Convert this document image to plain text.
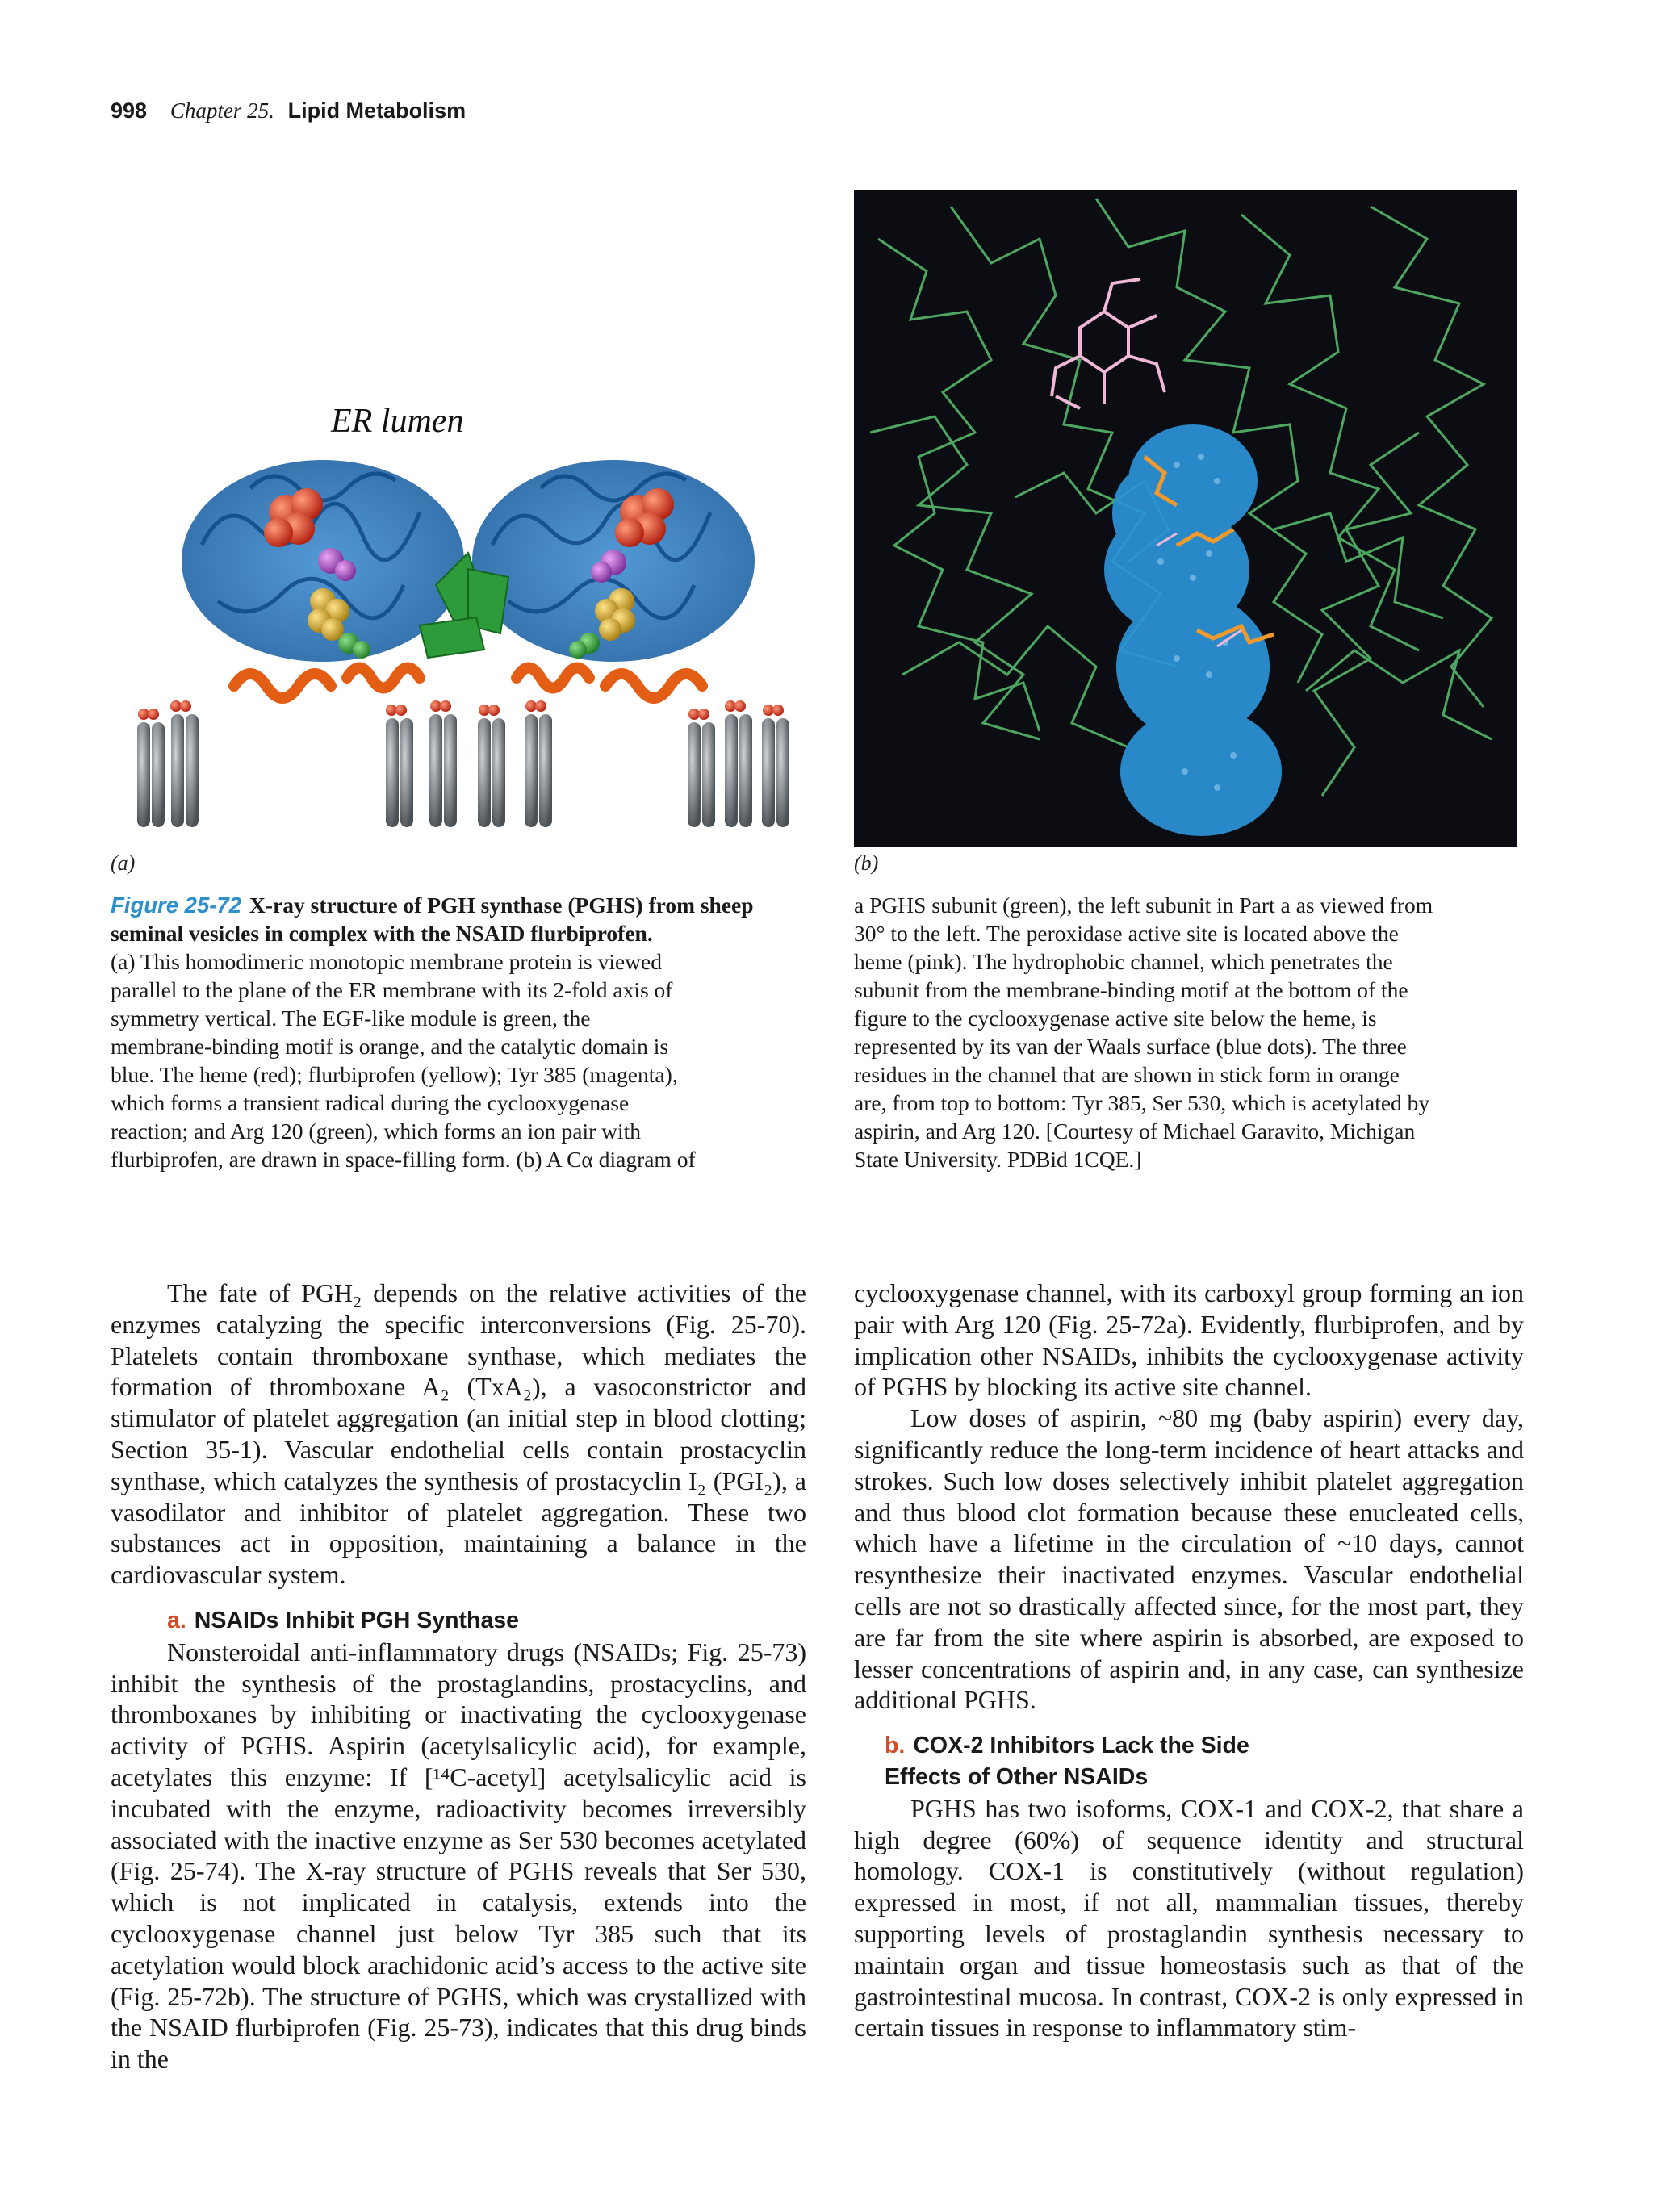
998 Chapter 25. Lipid Metabolism
ER lumen
(a)	(b)
Figure 25-72 X-ray structure of PGH synthase (PGHS) from sheep seminal vesicles in complex with the NSAID flurbiprofen.
(a) This homodimeric monotopic membrane protein is viewed
parallel to the plane of the ER membrane with its 2-fold axis of
symmetry vertical. The EGF-like module is green, the
membrane-binding motif is orange, and the catalytic domain is
blue. The heme (red); flurbiprofen (yellow); Tyr 385 (magenta),
which forms a transient radical during the cyclooxygenase
reaction; and Arg 120 (green), which forms an ion pair with
flurbiprofen, are drawn in space-filling form. (b) A Cα diagram of
a PGHS subunit (green), the left subunit in Part a as viewed from
30° to the left. The peroxidase active site is located above the
heme (pink). The hydrophobic channel, which penetrates the
subunit from the membrane-binding motif at the bottom of the
figure to the cyclooxygenase active site below the heme, is
represented by its van der Waals surface (blue dots). The three
residues in the channel that are shown in stick form in orange
are, from top to bottom: Tyr 385, Ser 530, which is acetylated by
aspirin, and Arg 120. [Courtesy of Michael Garavito, Michigan
State University. PDBid 1CQE.]

The fate of PGH₂ depends on the relative activities of the enzymes catalyzing the specific interconversions (Fig. 25-70). Platelets contain thromboxane synthase, which mediates the formation of thromboxane A₂ (TxA₂), a vasoconstrictor and stimulator of platelet aggregation (an initial step in blood clotting; Section 35-1). Vascular endothelial cells contain prostacyclin synthase, which catalyzes the synthesis of prostacyclin I₂ (PGI₂), a vasodilator and inhibitor of platelet aggregation. These two substances act in opposition, maintaining a balance in the cardiovascular system.

a. NSAIDs Inhibit PGH Synthase

Nonsteroidal anti-inflammatory drugs (NSAIDs; Fig. 25-73) inhibit the synthesis of the prostaglandins, prostacyclins, and thromboxanes by inhibiting or inactivating the cyclooxygenase activity of PGHS. Aspirin (acetylsalicylic acid), for example, acetylates this enzyme: If [¹⁴C-acetyl] acetylsalicylic acid is incubated with the enzyme, radioactivity becomes irreversibly associated with the inactive enzyme as Ser 530 becomes acetylated (Fig. 25-74). The X-ray structure of PGHS reveals that Ser 530, which is not implicated in catalysis, extends into the cyclooxygenase channel just below Tyr 385 such that its acetylation would block arachidonic acid’s access to the active site (Fig. 25-72b). The structure of PGHS, which was crystallized with the NSAID flurbiprofen (Fig. 25-73), indicates that this drug binds in the

cyclooxygenase channel, with its carboxyl group forming an ion pair with Arg 120 (Fig. 25-72a). Evidently, flurbiprofen, and by implication other NSAIDs, inhibits the cyclooxygenase activity of PGHS by blocking its active site channel.

Low doses of aspirin, ~80 mg (baby aspirin) every day, significantly reduce the long-term incidence of heart attacks and strokes. Such low doses selectively inhibit platelet aggregation and thus blood clot formation because these enucleated cells, which have a lifetime in the circulation of ~10 days, cannot resynthesize their inactivated enzymes. Vascular endothelial cells are not so drastically affected since, for the most part, they are far from the site where aspirin is absorbed, are exposed to lesser concentrations of aspirin and, in any case, can synthesize additional PGHS.

b. COX-2 Inhibitors Lack the Side
Effects of Other NSAIDs

PGHS has two isoforms, COX-1 and COX-2, that share a high degree (60%) of sequence identity and structural homology. COX-1 is constitutively (without regulation) expressed in most, if not all, mammalian tissues, thereby supporting levels of prostaglandin synthesis necessary to maintain organ and tissue homeostasis such as that of the gastrointestinal mucosa. In contrast, COX-2 is only expressed in certain tissues in response to inflammatory stim-
